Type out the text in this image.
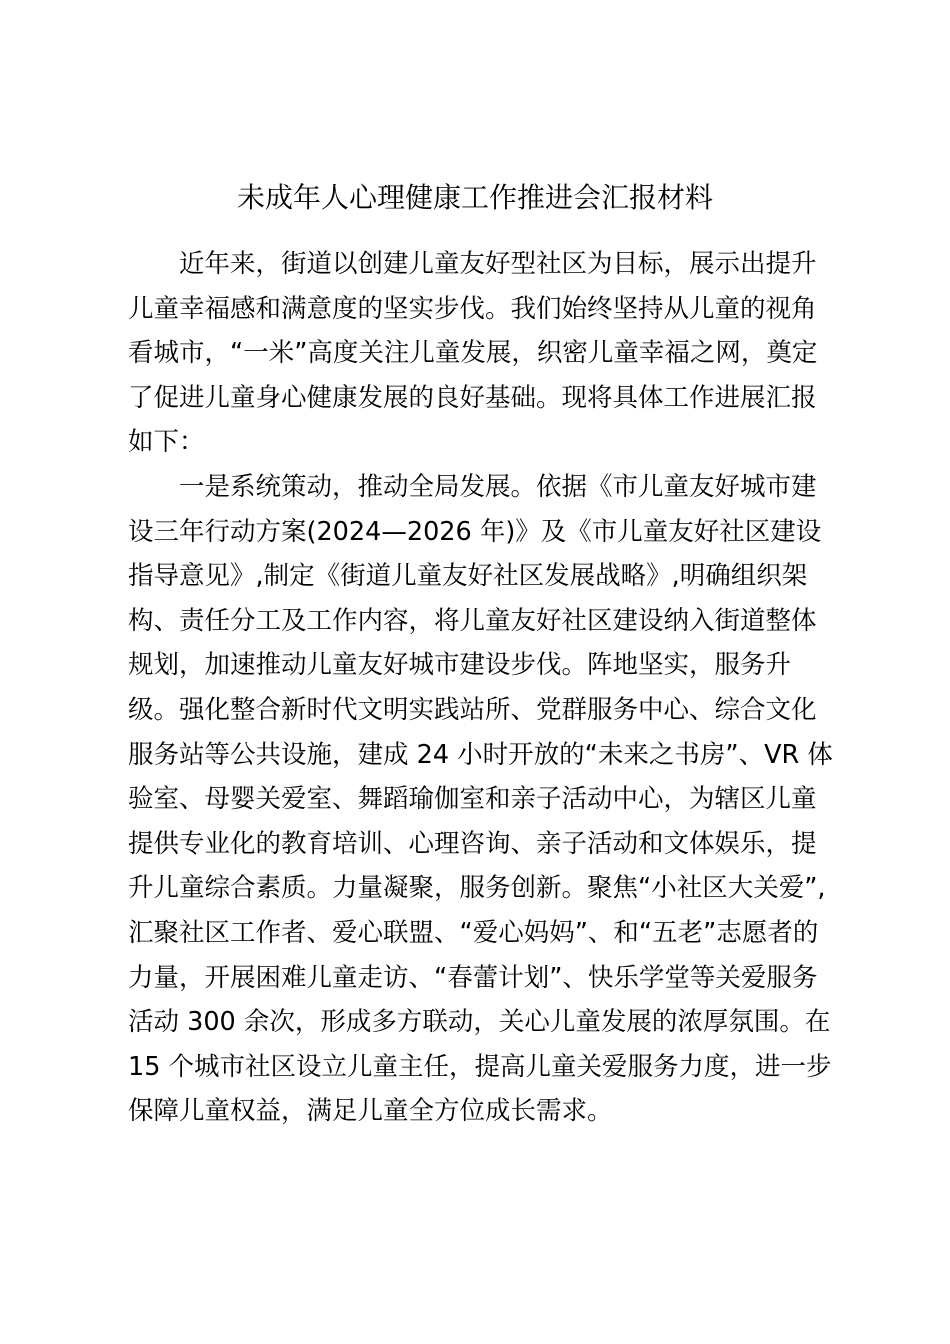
未成年人心理健康工作推进会汇报材料
近年来，街道以创建儿童友好型社区为目标，展示出提升
儿童幸福感和满意度的坚实步伐。我们始终坚持从儿童的视角
看城市，“一米”高度关注儿童发展，织密儿童幸福之网，奠定
了促进儿童身心健康发展的良好基础。现将具体工作进展汇报
如下：
一是系统策动，推动全局发展。依据《市儿童友好城市建
设三年行动方案(2024—2026 年)》及《市儿童友好社区建设
指导意见》,制定《街道儿童友好社区发展战略》,明确组织架
构、责任分工及工作内容，将儿童友好社区建设纳入街道整体
规划，加速推动儿童友好城市建设步伐。阵地坚实，服务升
级。强化整合新时代文明实践站所、党群服务中心、综合文化
服务站等公共设施，建成 24 小时开放的“未来之书房”、VR 体
验室、母婴关爱室、舞蹈瑜伽室和亲子活动中心，为辖区儿童
提供专业化的教育培训、心理咨询、亲子活动和文体娱乐，提
升儿童综合素质。力量凝聚，服务创新。聚焦“小社区大关爱”,
汇聚社区工作者、爱心联盟、“爱心妈妈”、和“五老”志愿者的
力量，开展困难儿童走访、“春蕾计划”、快乐学堂等关爱服务
活动 300 余次，形成多方联动，关心儿童发展的浓厚氛围。在
15 个城市社区设立儿童主任，提高儿童关爱服务力度，进一步
保障儿童权益，满足儿童全方位成长需求。
